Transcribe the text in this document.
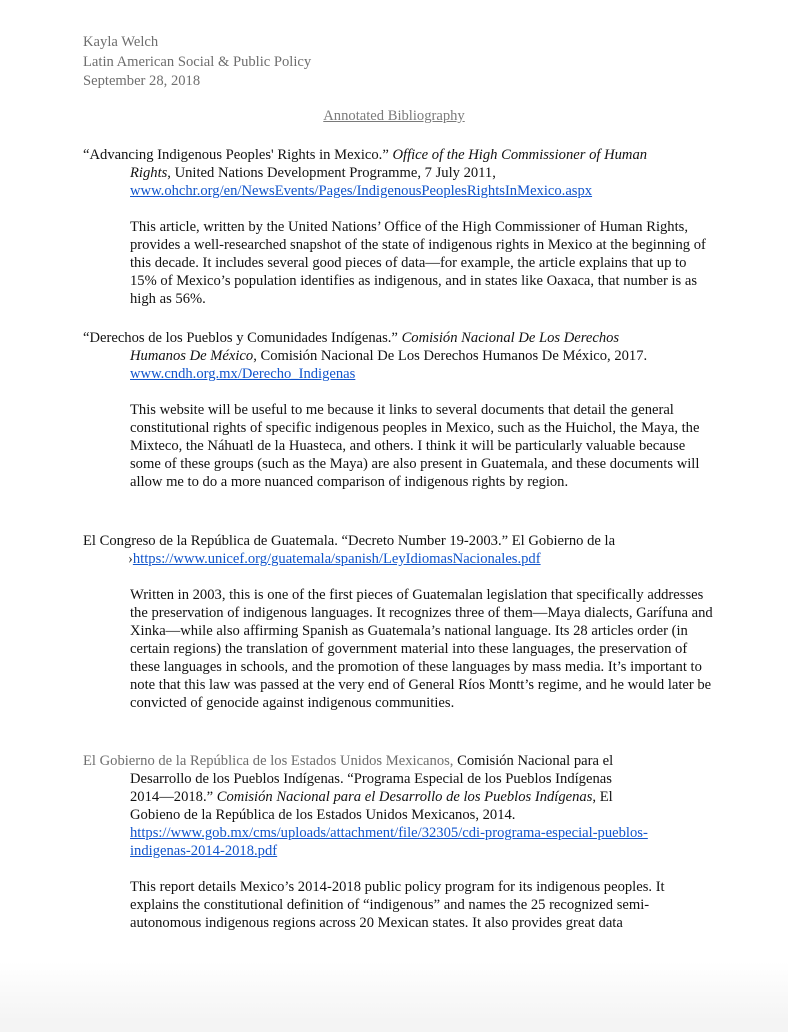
Kayla Welch
Latin American Social & Public Policy
September 28, 2018
Annotated Bibliography
“Advancing Indigenous Peoples' Rights in Mexico.” Office of the High Commissioner of Human
Rights, United Nations Development Programme, 7 July 2011,
www.ohchr.org/en/NewsEvents/Pages/IndigenousPeoplesRightsInMexico.aspx
This article, written by the United Nations’ Office of the High Commissioner of Human Rights, provides a well-researched snapshot of the state of indigenous rights in Mexico at the beginning of this decade. It includes several good pieces of data—for example, the article explains that up to 15% of Mexico’s population identifies as indigenous, and in states like Oaxaca, that number is as high as 56%.
“Derechos de los Pueblos y Comunidades Indígenas.” Comisión Nacional De Los Derechos
Humanos De México, Comisión Nacional De Los Derechos Humanos De México, 2017.
www.cndh.org.mx/Derecho_Indigenas
This website will be useful to me because it links to several documents that detail the general constitutional rights of specific indigenous peoples in Mexico, such as the Huichol, the Maya, the Mixteco, the Náhuatl de la Huasteca, and others. I think it will be particularly valuable because some of these groups (such as the Maya) are also present in Guatemala, and these documents will allow me to do a more nuanced comparison of indigenous rights by region.
El Congreso de la República de Guatemala. “Decreto Number 19-2003.” El Gobierno de la
›https://www.unicef.org/guatemala/spanish/LeyIdiomasNacionales.pdf
Written in 2003, this is one of the first pieces of Guatemalan legislation that specifically addresses the preservation of indigenous languages. It recognizes three of them—Maya dialects, Garífuna and Xinka—while also affirming Spanish as Guatemala’s national language. Its 28 articles order (in certain regions) the translation of government material into these languages, the preservation of these languages in schools, and the promotion of these languages by mass media. It’s important to note that this law was passed at the very end of General Ríos Montt’s regime, and he would later be convicted of genocide against indigenous communities.
El Gobierno de la República de los Estados Unidos Mexicanos, Comisión Nacional para el
Desarrollo de los Pueblos Indígenas. “Programa Especial de los Pueblos Indígenas
2014—2018.” Comisión Nacional para el Desarrollo de los Pueblos Indígenas, El
Gobieno de la República de los Estados Unidos Mexicanos, 2014.
https://www.gob.mx/cms/uploads/attachment/file/32305/cdi-programa-especial-pueblos-
indigenas-2014-2018.pdf
This report details Mexico’s 2014-2018 public policy program for its indigenous peoples. It explains the constitutional definition of “indigenous” and names the 25 recognized semi-autonomous indigenous regions across 20 Mexican states. It also provides great data
